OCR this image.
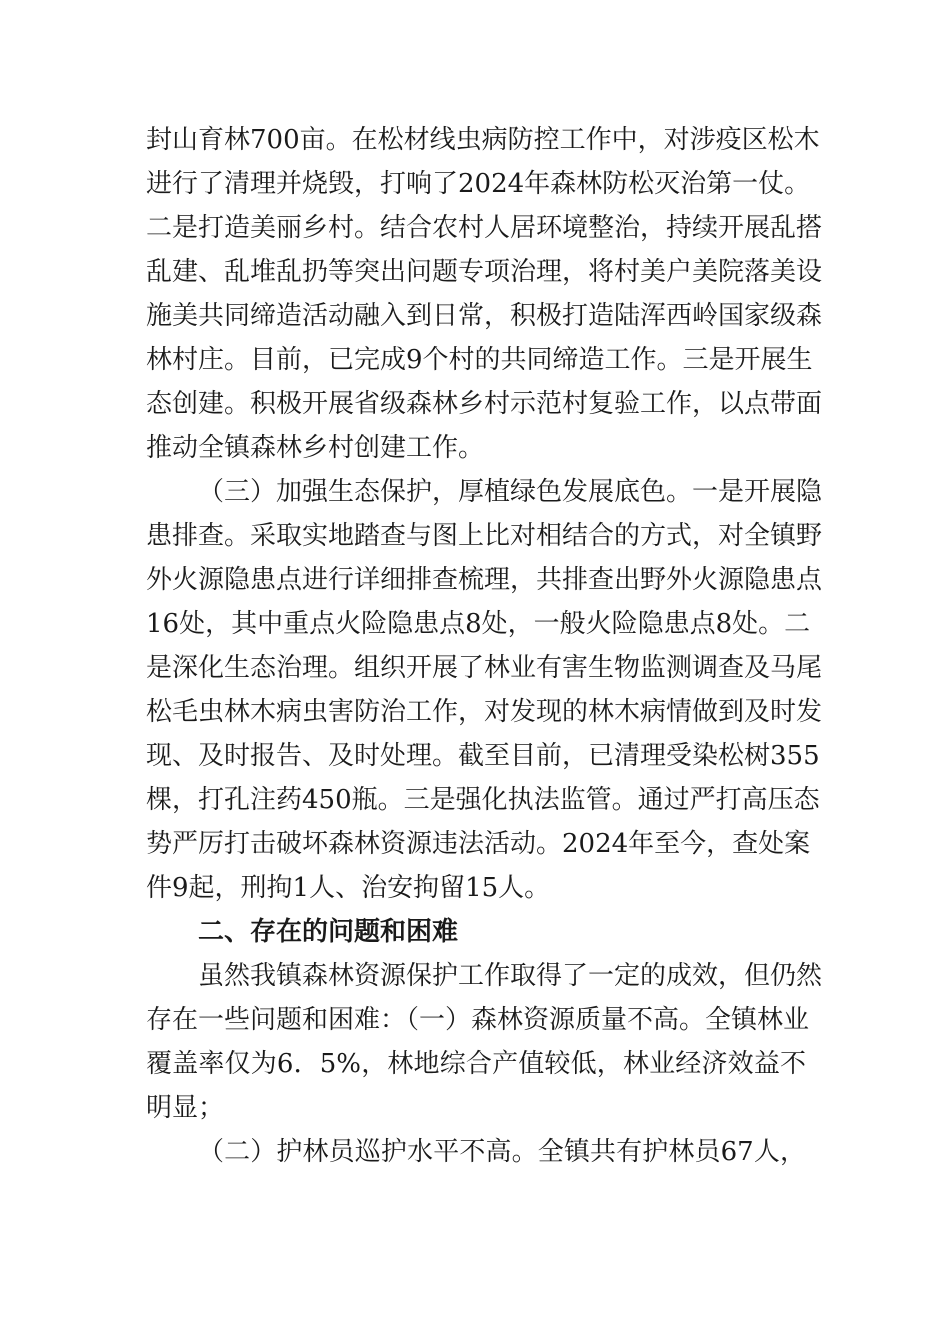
封山育林700亩。在松材线虫病防控工作中，对涉疫区松木
进行了清理并烧毁，打响了2024年森林防松灭治第一仗。
二是打造美丽乡村。结合农村人居环境整治，持续开展乱搭
乱建、乱堆乱扔等突出问题专项治理，将村美户美院落美设
施美共同缔造活动融入到日常，积极打造陆浑西岭国家级森
林村庄。目前，已完成9个村的共同缔造工作。三是开展生
态创建。积极开展省级森林乡村示范村复验工作，以点带面
推动全镇森林乡村创建工作。
（三）加强生态保护，厚植绿色发展底色。一是开展隐
患排查。采取实地踏查与图上比对相结合的方式，对全镇野
外火源隐患点进行详细排查梳理，共排查出野外火源隐患点
16处，其中重点火险隐患点8处，一般火险隐患点8处。二
是深化生态治理。组织开展了林业有害生物监测调查及马尾
松毛虫林木病虫害防治工作，对发现的林木病情做到及时发
现、及时报告、及时处理。截至目前，已清理受染松树355
棵，打孔注药450瓶。三是强化执法监管。通过严打高压态
势严厉打击破坏森林资源违法活动。2024年至今，查处案
件9起，刑拘1人、治安拘留15人。
二、存在的问题和困难
虽然我镇森林资源保护工作取得了一定的成效，但仍然
存在一些问题和困难：（一）森林资源质量不高。全镇林业
覆盖率仅为6．5%，林地综合产值较低，林业经济效益不
明显；
（二）护林员巡护水平不高。全镇共有护林员67人，
